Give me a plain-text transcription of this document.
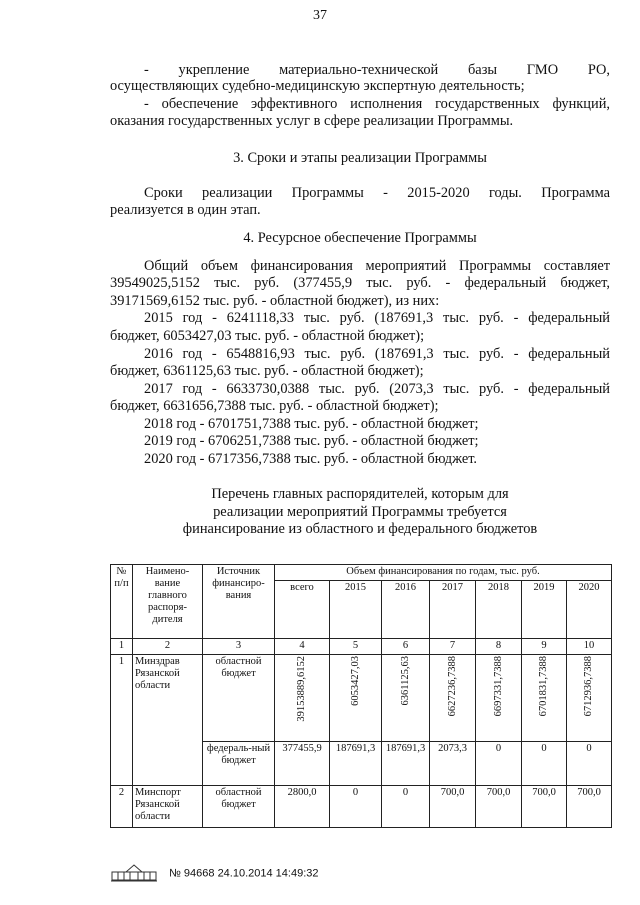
37

- укрепление материально-технической базы ГМО РО,

осуществляющих судебно-медицинскую экспертную деятельность;

- обеспечение эффективного исполнения государственных функций,

оказания государственных услуг в сфере реализации Программы.

3. Сроки и этапы реализации Программы

Сроки реализации Программы - 2015-2020 годы. Программа

реализуется в один этап.

4. Ресурсное обеспечение Программы

Общий объем финансирования мероприятий Программы составляет

39549025,5152 тыс. руб. (377455,9 тыс. руб. - федеральный бюджет,

39171569,6152 тыс. руб. - областной бюджет), из них:

2015 год - 6241118,33 тыс. руб. (187691,3 тыс. руб. - федеральный

бюджет, 6053427,03 тыс. руб. - областной бюджет);

2016 год - 6548816,93 тыс. руб. (187691,3 тыс. руб. - федеральный

бюджет, 6361125,63 тыс. руб. - областной бюджет);

2017 год - 6633730,0388 тыс. руб. (2073,3 тыс. руб. - федеральный

бюджет, 6631656,7388 тыс. руб. - областной бюджет);

2018 год - 6701751,7388 тыс. руб. - областной бюджет;

2019 год - 6706251,7388 тыс. руб. - областной бюджет;

2020 год - 6717356,7388 тыс. руб. - областной бюджет.

Перечень главных распорядителей, которым для

реализации мероприятий Программы требуется

финансирование из областного и федерального бюджетов

№ п/п	Наимено-вание главного распоря-дителя	Источник финансиро-вания	Объем финансирования по годам, тыс. руб.						
			всего	2015	2016	2017	2018	2019	2020
1	2	3	4	5	6	7	8	9	10
1	Минздрав Рязанской области	областной бюджет	39153889,6152	6053427,03	6361125,63	6627236,7388	6697331,7388	6701831,7388	6712936,7388
		федераль-ный бюджет	377455,9	187691,3	187691,3	2073,3	0	0	0
2	Минспорт Рязанской области	областной бюджет	2800,0	0	0	700,0	700,0	700,0	700,0
№ 94668 24.10.2014 14:49:32
